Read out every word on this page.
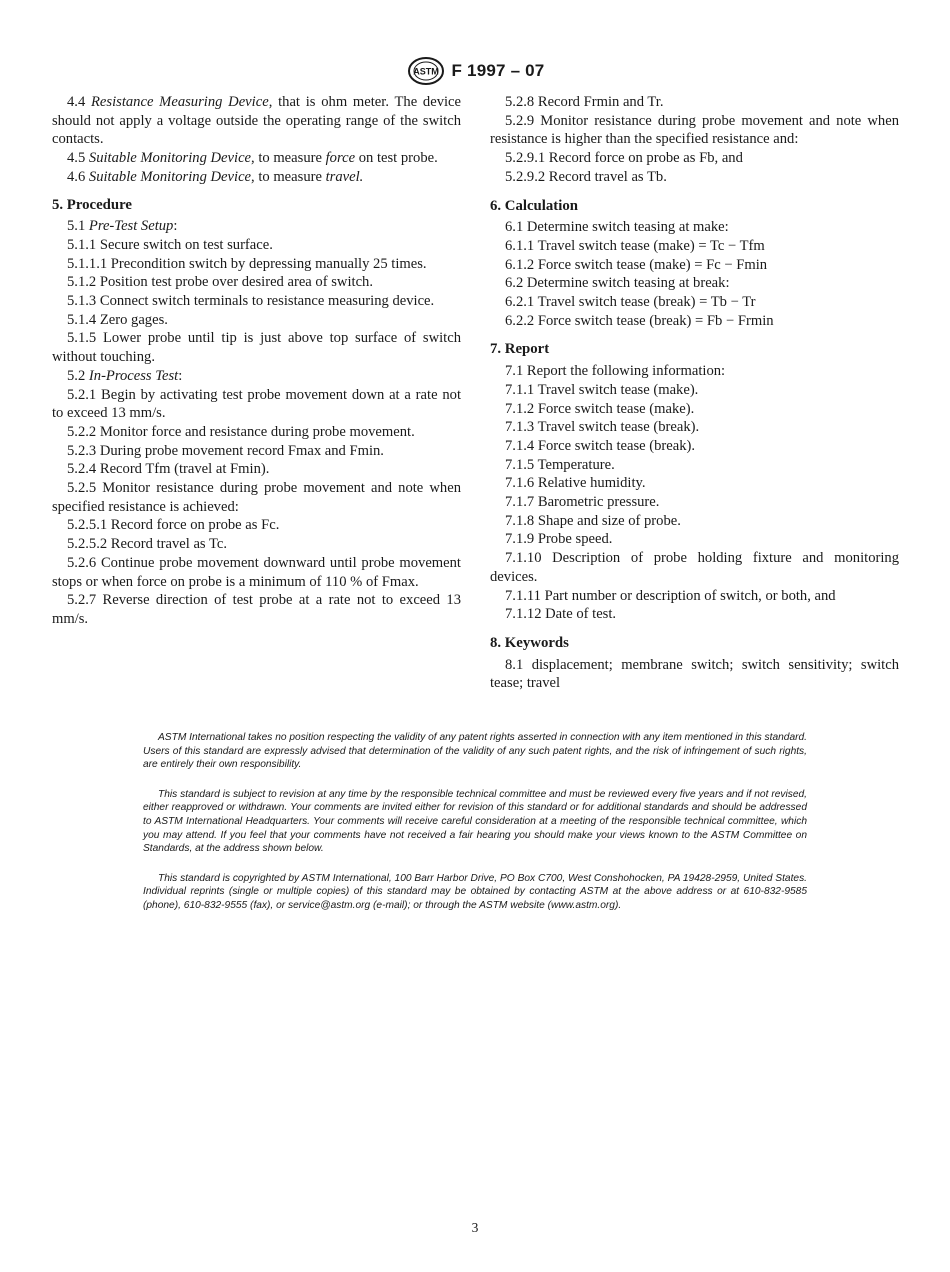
ASTM F 1997 – 07

4.4 Resistance Measuring Device, that is ohm meter. The device should not apply a voltage outside the operating range of the switch contacts.

4.5 Suitable Monitoring Device, to measure force on test probe.

4.6 Suitable Monitoring Device, to measure travel.

5. Procedure

5.1 Pre-Test Setup:

5.1.1 Secure switch on test surface.

5.1.1.1 Precondition switch by depressing manually 25 times.

5.1.2 Position test probe over desired area of switch.

5.1.3 Connect switch terminals to resistance measuring device.

5.1.4 Zero gages.

5.1.5 Lower probe until tip is just above top surface of switch without touching.

5.2 In-Process Test:

5.2.1 Begin by activating test probe movement down at a rate not to exceed 13 mm/s.

5.2.2 Monitor force and resistance during probe movement.

5.2.3 During probe movement record Fmax and Fmin.

5.2.4 Record Tfm (travel at Fmin).

5.2.5 Monitor resistance during probe movement and note when specified resistance is achieved:

5.2.5.1 Record force on probe as Fc.

5.2.5.2 Record travel as Tc.

5.2.6 Continue probe movement downward until probe movement stops or when force on probe is a minimum of 110 % of Fmax.

5.2.7 Reverse direction of test probe at a rate not to exceed 13 mm/s.

5.2.8 Record Frmin and Tr.

5.2.9 Monitor resistance during probe movement and note when resistance is higher than the specified resistance and:

5.2.9.1 Record force on probe as Fb, and

5.2.9.2 Record travel as Tb.

6. Calculation

6.1 Determine switch teasing at make:

6.1.1 Travel switch tease (make) = Tc − Tfm

6.1.2 Force switch tease (make) = Fc − Fmin

6.2 Determine switch teasing at break:

6.2.1 Travel switch tease (break) = Tb − Tr

6.2.2 Force switch tease (break) = Fb − Frmin

7. Report

7.1 Report the following information:

7.1.1 Travel switch tease (make).

7.1.2 Force switch tease (make).

7.1.3 Travel switch tease (break).

7.1.4 Force switch tease (break).

7.1.5 Temperature.

7.1.6 Relative humidity.

7.1.7 Barometric pressure.

7.1.8 Shape and size of probe.

7.1.9 Probe speed.

7.1.10 Description of probe holding fixture and monitoring devices.

7.1.11 Part number or description of switch, or both, and

7.1.12 Date of test.

8. Keywords

8.1 displacement; membrane switch; switch sensitivity; switch tease; travel

ASTM International takes no position respecting the validity of any patent rights asserted in connection with any item mentioned in this standard. Users of this standard are expressly advised that determination of the validity of any such patent rights, and the risk of infringement of such rights, are entirely their own responsibility.

This standard is subject to revision at any time by the responsible technical committee and must be reviewed every five years and if not revised, either reapproved or withdrawn. Your comments are invited either for revision of this standard or for additional standards and should be addressed to ASTM International Headquarters. Your comments will receive careful consideration at a meeting of the responsible technical committee, which you may attend. If you feel that your comments have not received a fair hearing you should make your views known to the ASTM Committee on Standards, at the address shown below.

This standard is copyrighted by ASTM International, 100 Barr Harbor Drive, PO Box C700, West Conshohocken, PA 19428-2959, United States. Individual reprints (single or multiple copies) of this standard may be obtained by contacting ASTM at the above address or at 610-832-9585 (phone), 610-832-9555 (fax), or service@astm.org (e-mail); or through the ASTM website (www.astm.org).

3
